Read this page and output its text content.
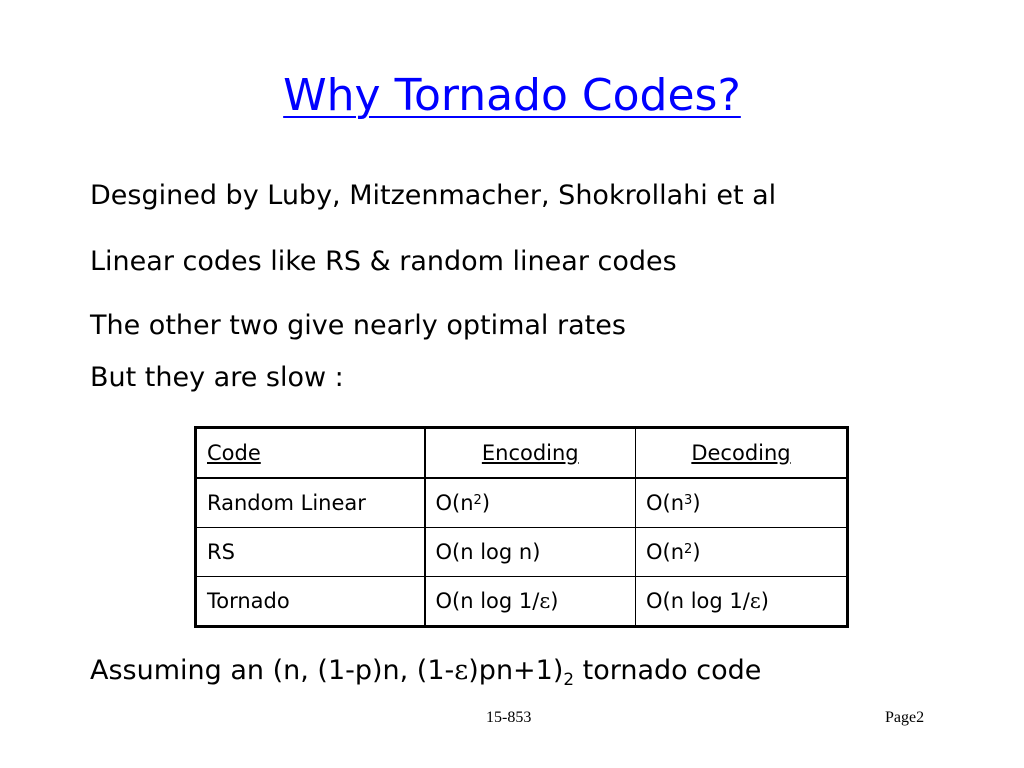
Why Tornado Codes?
Desgined by Luby, Mitzenmacher, Shokrollahi et al
Linear codes like RS & random linear codes
The other two give nearly optimal rates
But they are slow :
Code	Encoding	Decoding
Random Linear	$O(n^2)$	$O(n^3)$
RS	O(n log n)	$O(n^2)$
Tornado	O(n log 1/ε)	O(n log 1/ε)
Assuming an (n, (1-p)n, $(1-\varepsilon)pn+1)_2$ tornado code
15-853	Page2
